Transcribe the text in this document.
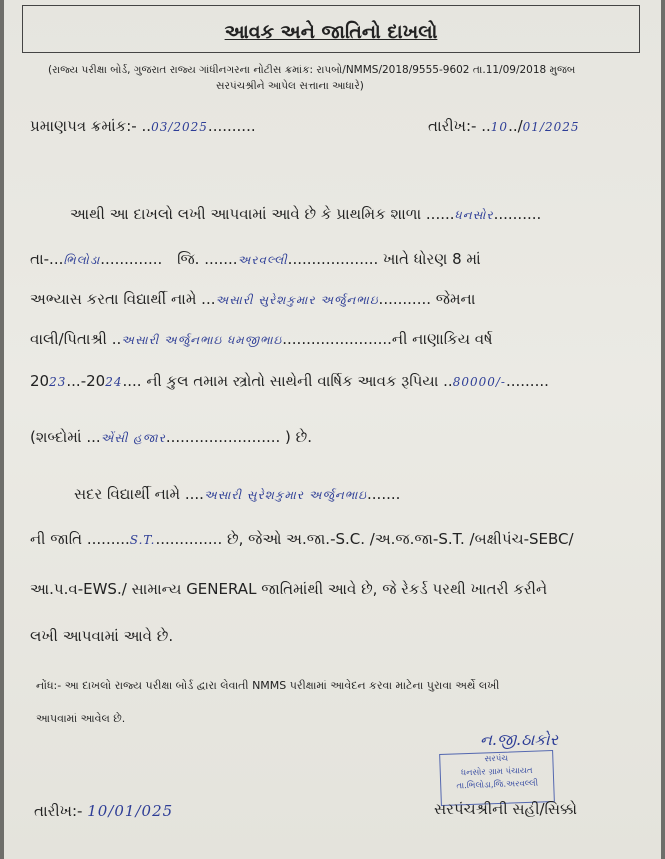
આવક અને જાતિનો દાખલો
(રાજ્ય પરીક્ષા બોર્ડ, ગુજરાત રાજ્ય ગાંધીનગરના નોટીસ ક્રમાંક: રાપબો/NMMS/2018/9555-9602 તા.11/09/2018 મુજબ
સરપંચશ્રીને આપેલ સત્તાના આધારે)
પ્રમાણપત્ર ક્રમાંક:- ..03/2025..........	તારીખ:- ..10../01/2025
આથી આ દાખલો લખી આપવામાં આવે છે કે પ્રાથમિક શાળા ......ધનસોર..........
તા-...ભિલોડા............. જિ. .......અરવલ્લી................... ખાતે ધોરણ 8 માં
અભ્યાસ કરતા વિદ્યાર્થી નામે ...અસારી સુરેશકુમાર અર્જુનભાઇ........... જેમના
વાલી/પિતાશ્રી ..અસારી અર્જુનભાઇ ધમજીભાઇ.......................ની નાણાકિય વર્ષ
2023...-2024.... ની કુલ તમામ સ્ત્રોતો સાથેની વાર્ષિક આવક રૂપિયા ..80000/-.........
(શબ્દોમાં ...એંસી હજાર........................ ) છે.
સદર વિદ્યાર્થી નામે ....અસારી સુરેશકુમાર અર્જુનભાઇ.......
ની જાતિ .........S.T............... છે, જેઓ અ.જા.-S.C. /અ.જ.જા-S.T. /બક્ષીપંચ-SEBC/
આ.પ.વ-EWS./ સામાન્ય GENERAL જાતિમાંથી આવે છે, જે રેકર્ડ પરથી ખાતરી કરીને
લખી આપવામાં આવે છે.
નોંધ:- આ દાખલો રાજ્ય પરીક્ષા બોર્ડ દ્વારા લેવાતી NMMS પરીક્ષામાં આવેદન કરવા માટેના પુરાવા અર્થે લખી
આપવામાં આવેલ છે.
ન.જી.ઠાકોર
સરપંચ
ધનસોર ગ્રામ પંચાયત
તા.ભિલોડા,જિ.અરવલ્લી
તારીખ:- 10/01/025	સરપંચશ્રીની સહી/સિક્કો
